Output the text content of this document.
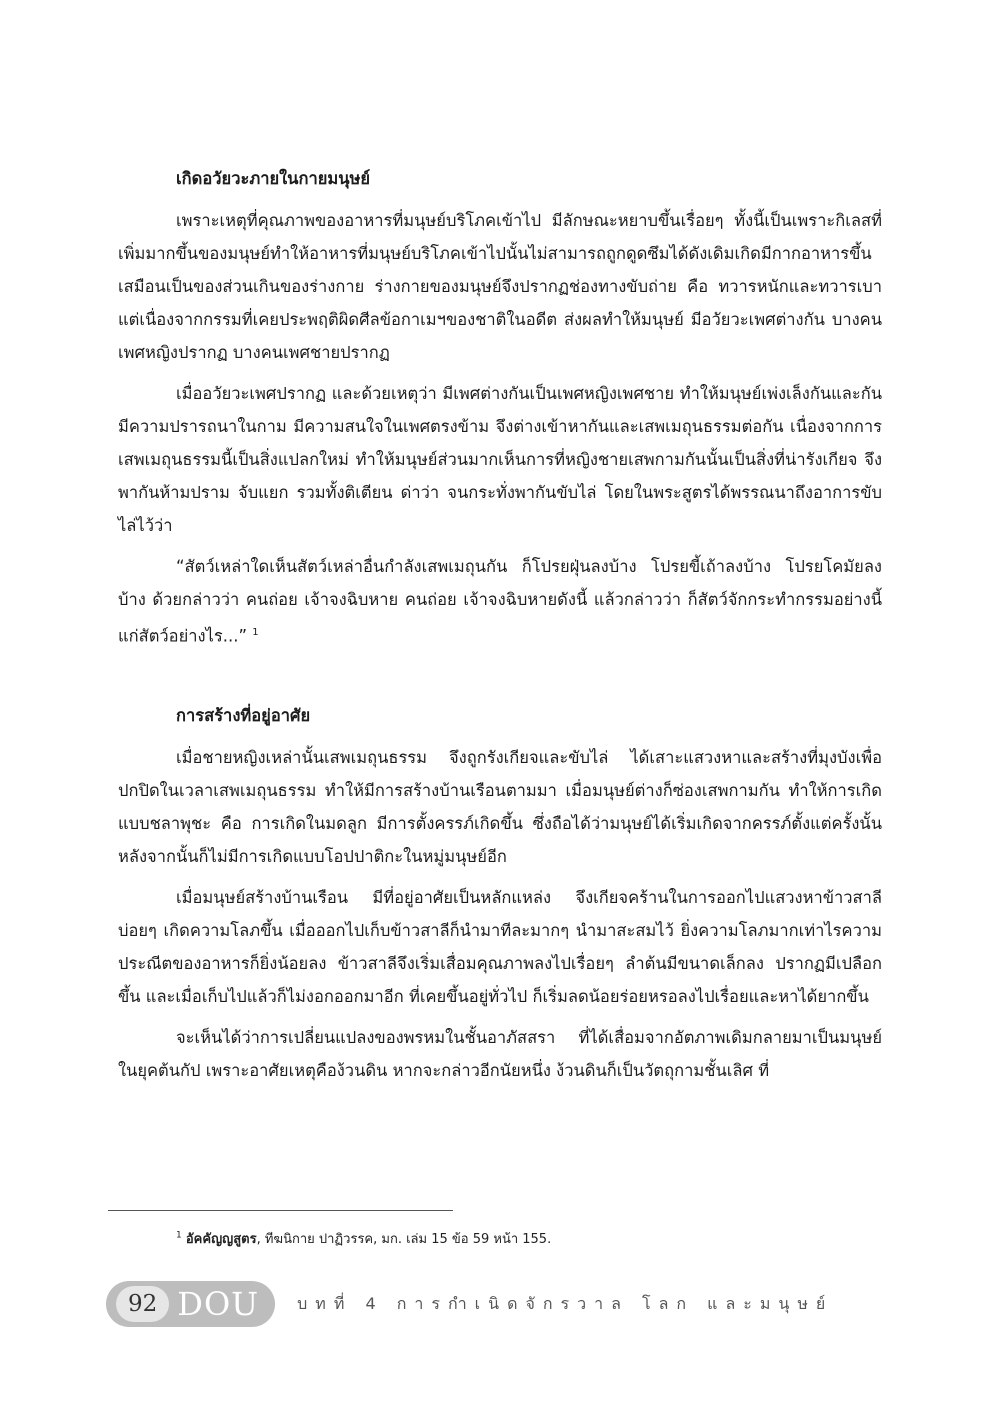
เกิดอวัยวะภายในกายมนุษย์

เพราะเหตุที่คุณภาพของอาหารที่มนุษย์บริโภคเข้าไป มีลักษณะหยาบขึ้นเรื่อยๆ ทั้งนี้เป็นเพราะกิเลสที่เพิ่มมากขึ้นของมนุษย์ทำให้อาหารที่มนุษย์บริโภคเข้าไปนั้นไม่สามารถถูกดูดซึมได้ดังเดิมเกิดมีกากอาหารขึ้นเสมือนเป็นของส่วนเกินของร่างกาย ร่างกายของมนุษย์จึงปรากฏช่องทางขับถ่าย คือ ทวารหนักและทวารเบา แต่เนื่องจากกรรมที่เคยประพฤติผิดศีลข้อกาเมฯของชาติในอดีต ส่งผลทำให้มนุษย์ มีอวัยวะเพศต่างกัน บางคนเพศหญิงปรากฏ บางคนเพศชายปรากฏ

เมื่ออวัยวะเพศปรากฏ และด้วยเหตุว่า มีเพศต่างกันเป็นเพศหญิงเพศชาย ทำให้มนุษย์เพ่งเล็งกันและกัน มีความปรารถนาในกาม มีความสนใจในเพศตรงข้าม จึงต่างเข้าหากันและเสพเมถุนธรรมต่อกัน เนื่องจากการเสพเมถุนธรรมนี้เป็นสิ่งแปลกใหม่ ทำให้มนุษย์ส่วนมากเห็นการที่หญิงชายเสพกามกันนั้นเป็นสิ่งที่น่ารังเกียจ จึงพากันห้ามปราม จับแยก รวมทั้งติเตียน ด่าว่า จนกระทั่งพากันขับไล่ โดยในพระสูตรได้พรรณนาถึงอาการขับไล่ไว้ว่า

“สัตว์เหล่าใดเห็นสัตว์เหล่าอื่นกำลังเสพเมถุนกัน ก็โปรยฝุ่นลงบ้าง โปรยขี้เถ้าลงบ้าง โปรยโคมัยลงบ้าง ด้วยกล่าวว่า คนถ่อย เจ้าจงฉิบหาย คนถ่อย เจ้าจงฉิบหายดังนี้ แล้วกล่าวว่า ก็สัตว์จักกระทำกรรมอย่างนี้แก่สัตว์อย่างไร...” $^1$

การสร้างที่อยู่อาศัย

เมื่อชายหญิงเหล่านั้นเสพเมถุนธรรม จึงถูกรังเกียจและขับไล่ ได้เสาะแสวงหาและสร้างที่มุงบังเพื่อปกปิดในเวลาเสพเมถุนธรรม ทำให้มีการสร้างบ้านเรือนตามมา เมื่อมนุษย์ต่างก็ซ่องเสพกามกัน ทำให้การเกิดแบบชลาพุชะ คือ การเกิดในมดลูก มีการตั้งครรภ์เกิดขึ้น ซึ่งถือได้ว่ามนุษย์ได้เริ่มเกิดจากครรภ์ตั้งแต่ครั้งนั้น หลังจากนั้นก็ไม่มีการเกิดแบบโอปปาติกะในหมู่มนุษย์อีก

เมื่อมนุษย์สร้างบ้านเรือน มีที่อยู่อาศัยเป็นหลักแหล่ง จึงเกียจคร้านในการออกไปแสวงหาข้าวสาลีบ่อยๆ เกิดความโลภขึ้น เมื่อออกไปเก็บข้าวสาลีก็นำมาทีละมากๆ นำมาสะสมไว้ ยิ่งความโลภมากเท่าไรความประณีตของอาหารก็ยิ่งน้อยลง ข้าวสาลีจึงเริ่มเสื่อมคุณภาพลงไปเรื่อยๆ ลำต้นมีขนาดเล็กลง ปรากฏมีเปลือกขึ้น และเมื่อเก็บไปแล้วก็ไม่งอกออกมาอีก ที่เคยขึ้นอยู่ทั่วไป ก็เริ่มลดน้อยร่อยหรอลงไปเรื่อยและหาได้ยากขึ้น

จะเห็นได้ว่าการเปลี่ยนแปลงของพรหมในชั้นอาภัสสรา ที่ได้เสื่อมจากอัตภาพเดิมกลายมาเป็นมนุษย์ในยุคต้นกัป เพราะอาศัยเหตุคือง้วนดิน หากจะกล่าวอีกนัยหนึ่ง ง้วนดินก็เป็นวัตถุกามชั้นเลิศ ที่

$^1$ อัคคัญญสูตร, ทีฆนิกาย ปาฏิวรรค, มก. เล่ม 15 ข้อ 59 หน้า 155.
92 DOU	บทที่ 4 การกำเนิดจักรวาล โลก และมนุษย์
